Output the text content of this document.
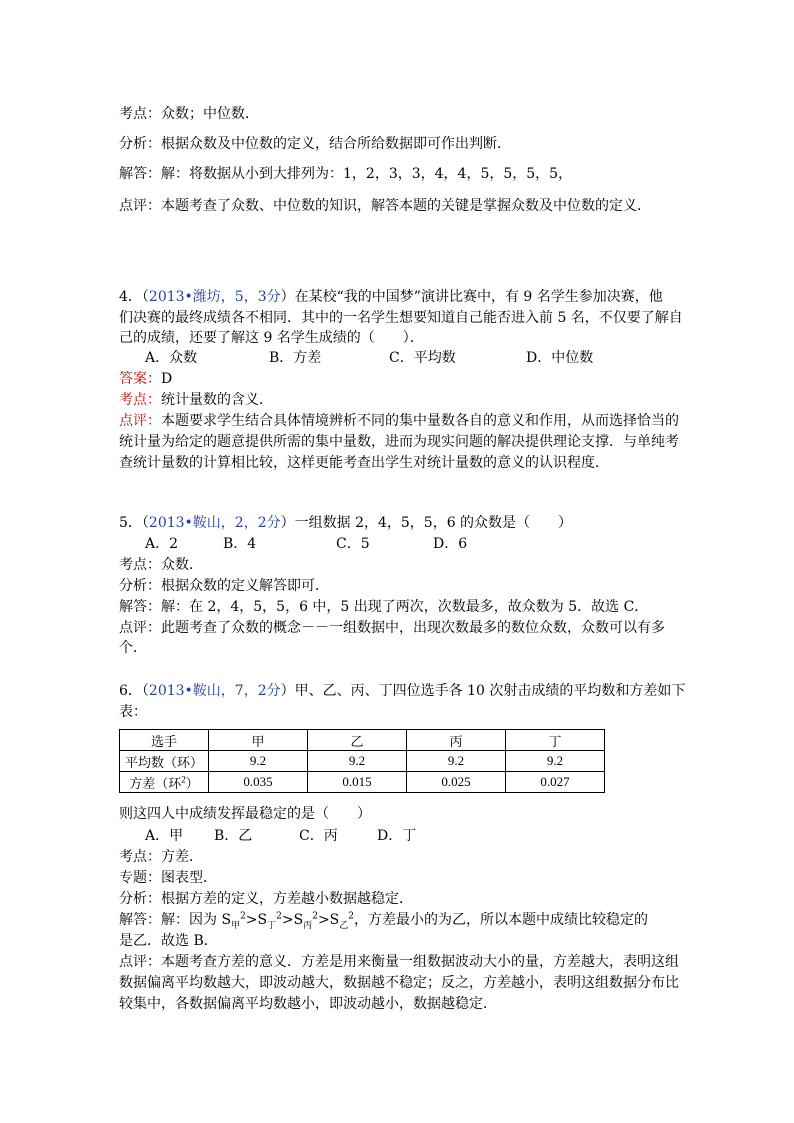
考点：众数；中位数．
分析：根据众数及中位数的定义，结合所给数据即可作出判断．
解答：解：将数据从小到大排列为：1，2，3，3，4，4，5，5，5，5，
点评：本题考查了众数、中位数的知识，解答本题的关键是掌握众数及中位数的定义．
4．（2013•潍坊，5，3分）在某校“我的中国梦”演讲比赛中，有 9 名学生参加决赛，他
们决赛的最终成绩各不相同．其中的一名学生想要知道自己能否进入前 5 名，不仅要了解自
己的成绩，还要了解这 9 名学生成绩的（　　）．
A．众数	B．方差	C．平均数	D．中位数
答案：D
考点：统计量数的含义．
点评：本题要求学生结合具体情境辨析不同的集中量数各自的意义和作用，从而选择恰当的
统计量为给定的题意提供所需的集中量数，进而为现实问题的解决提供理论支撑．与单纯考
查统计量数的计算相比较，这样更能考查出学生对统计量数的意义的认识程度．
5．（2013•鞍山，2，2分）一组数据 2，4，5，5，6 的众数是（　　）
A．2	B．4	C．5	D．6
考点：众数．
分析：根据众数的定义解答即可．
解答：解：在 2，4，5，5，6 中，5 出现了两次，次数最多，故众数为 5．故选 C．
点评：此题考查了众数的概念－－一组数据中，出现次数最多的数位众数，众数可以有多
个．
6．（2013•鞍山，7，2分）甲、乙、丙、丁四位选手各 10 次射击成绩的平均数和方差如下
表：
选手	甲	乙	丙	丁
平均数（环）	9.2	9.2	9.2	9.2
方差（环$^2$）	0.035	0.015	0.025	0.027
则这四人中成绩发挥最稳定的是（　　）
A．甲 B．乙	C．丙	D．丁
考点：方差．
专题：图表型．
分析：根据方差的定义，方差越小数据越稳定．
解答：解：因为 $S_甲^2>S_丁^2>S_丙^2>S_乙^2$，方差最小的为乙，所以本题中成绩比较稳定的
是乙．故选 B．
点评：本题考查方差的意义．方差是用来衡量一组数据波动大小的量，方差越大，表明这组
数据偏离平均数越大，即波动越大，数据越不稳定；反之，方差越小，表明这组数据分布比
较集中，各数据偏离平均数越小，即波动越小，数据越稳定．
